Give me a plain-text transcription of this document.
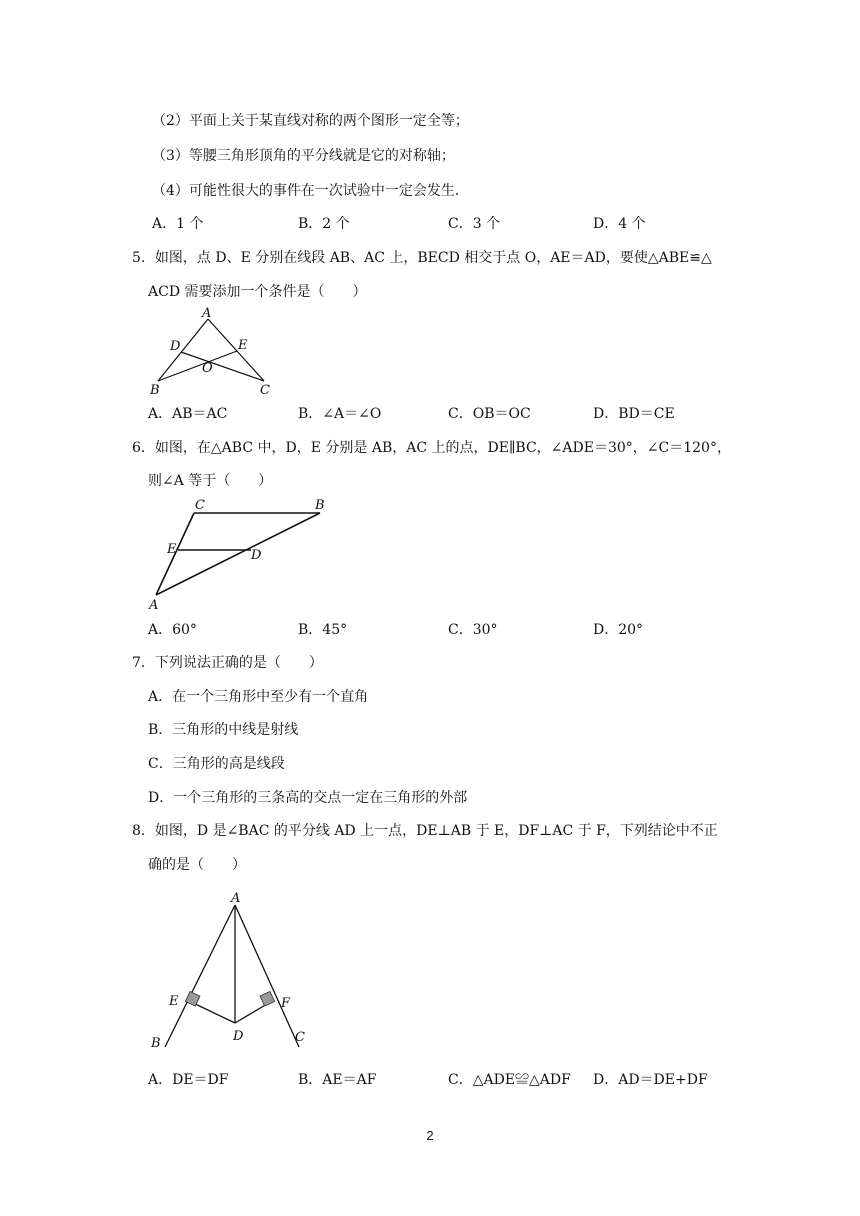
（2）平面上关于某直线对称的两个图形一定全等；
（3）等腰三角形顶角的平分线就是它的对称轴；
（4）可能性很大的事件在一次试验中一定会发生．
A．1 个	B．2 个	C．3 个	D．4 个
5．如图，点 D、E 分别在线段 AB、AC 上，BECD 相交于点 O，AE＝AD，要使△ABE≌△
ACD 需要添加一个条件是（　　）
A
D	E
O
B	C
A．AB＝AC	B．∠A＝∠O	C．OB＝OC	D．BD＝CE
6．如图，在△ABC 中，D，E 分别是 AB，AC 上的点，DE∥BC，∠ADE＝30°，∠C＝120°，
则∠A 等于（　　）
C	B
E	D
A
A．60°	B．45°	C．30°	D．20°
7．下列说法正确的是（　　）
A．在一个三角形中至少有一个直角
B．三角形的中线是射线
C．三角形的高是线段
D．一个三角形的三条高的交点一定在三角形的外部
8．如图，D 是∠BAC 的平分线 AD 上一点，DE⊥AB 于 E，DF⊥AC 于 F，下列结论中不正
确的是（　　）
A
E	F
D
B	C
A．DE＝DF	B．AE＝AF	C．△ADE≌△ADF D．AD＝DE+DF
2
